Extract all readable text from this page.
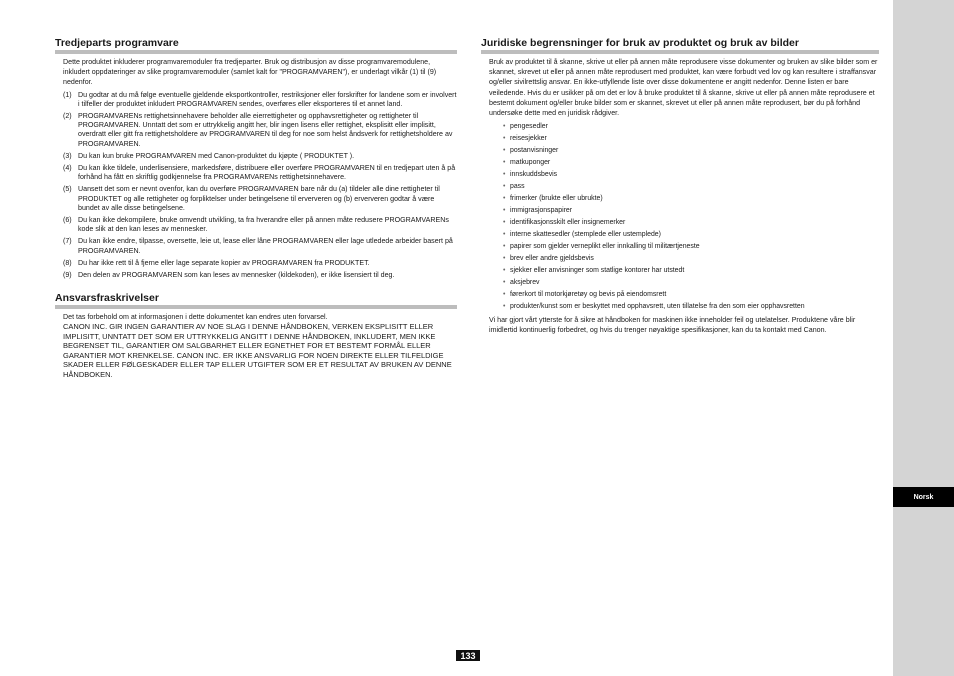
Norsk
Tredjeparts programvare
Dette produktet inkluderer programvaremoduler fra tredjeparter. Bruk og distribusjon av disse programvaremodulene, inkludert oppdateringer av slike programvaremoduler (samlet kalt for "PROGRAMVAREN"), er underlagt vilkår (1) til (9) nedenfor.
(1) Du godtar at du må følge eventuelle gjeldende eksportkontroller, restriksjoner eller forskrifter for landene som er involvert i tilfeller der produktet inkludert PROGRAMVAREN sendes, overføres eller eksporteres til et annet land.
(2) PROGRAMVARENs rettighetsinnehavere beholder alle eierrettigheter og opphavsrettigheter og rettigheter til PROGRAMVAREN. Unntatt det som er uttrykkelig angitt her, blir ingen lisens eller rettighet, eksplisitt eller implisitt, overdratt eller gitt fra rettighetsholdere av PROGRAMVAREN til deg for noe som helst åndsverk for rettighetsholdere av PROGRAMVAREN.
(3) Du kan kun bruke PROGRAMVAREN med Canon-produktet du kjøpte ( PRODUKTET ).
(4) Du kan ikke tildele, underlisensiere, markedsføre, distribuere eller overføre PROGRAMVAREN til en tredjepart uten å på forhånd ha fått en skriftlig godkjennelse fra PROGRAMVARENs rettighetsinnehavere.
(5) Uansett det som er nevnt ovenfor, kan du overføre PROGRAMVAREN bare når du (a) tildeler alle dine rettigheter til PRODUKTET og alle rettigheter og forpliktelser under betingelsene til erververen og (b) erververen godtar å være bundet av alle disse betingelsene.
(6) Du kan ikke dekompilere, bruke omvendt utvikling, ta fra hverandre eller på annen måte redusere PROGRAMVARENs kode slik at den kan leses av mennesker.
(7) Du kan ikke endre, tilpasse, oversette, leie ut, lease eller låne PROGRAMVAREN eller lage utledede arbeider basert på PROGRAMVAREN.
(8) Du har ikke rett til å fjerne eller lage separate kopier av PROGRAMVAREN fra PRODUKTET.
(9) Den delen av PROGRAMVAREN som kan leses av mennesker (kildekoden), er ikke lisensiert til deg.
Ansvarsfraskrivelser
Det tas forbehold om at informasjonen i dette dokumentet kan endres uten forvarsel.
CANON INC. GIR INGEN GARANTIER AV NOE SLAG I DENNE HÅNDBOKEN, VERKEN EKSPLISITT ELLER IMPLISITT, UNNTATT DET SOM ER UTTRYKKELIG ANGITT I DENNE HÅNDBOKEN, INKLUDERT, MEN IKKE BEGRENSET TIL, GARANTIER OM SALGBARHET ELLER EGNETHET FOR ET BESTEMT FORMÅL ELLER GARANTIER MOT KRENKELSE. CANON INC. ER IKKE ANSVARLIG FOR NOEN DIREKTE ELLER TILFELDIGE SKADER ELLER FØLGESKADER ELLER TAP ELLER UTGIFTER SOM ER ET RESULTAT AV BRUKEN AV DENNE HÅNDBOKEN.
Juridiske begrensninger for bruk av produktet og bruk av bilder
Bruk av produktet til å skanne, skrive ut eller på annen måte reprodusere visse dokumenter og bruken av slike bilder som er skannet, skrevet ut eller på annen måte reprodusert med produktet, kan være forbudt ved lov og kan resultere i straffansvar og/eller sivilrettslig ansvar. En ikke-utfyllende liste over disse dokumentene er angitt nedenfor. Denne listen er bare veiledende. Hvis du er usikker på om det er lov å bruke produktet til å skanne, skrive ut eller på annen måte reprodusere et bestemt dokument og/eller bruke bilder som er skannet, skrevet ut eller på annen måte reprodusert, bør du på forhånd undersøke dette med en juridisk rådgiver.
• pengesedler
• reisesjekker
• postanvisninger
• matkuponger
• innskuddsbevis
• pass
• frimerker (brukte eller ubrukte)
• immigrasjonspapirer
• identifikasjonsskilt eller insignemerker
• interne skattesedler (stemplede eller ustemplede)
• papirer som gjelder verneplikt eller innkalling til militærtjeneste
• brev eller andre gjeldsbevis
• sjekker eller anvisninger som statlige kontorer har utstedt
• aksjebrev
• førerkort til motorkjøretøy og bevis på eiendomsrett
• produkter/kunst som er beskyttet med opphavsrett, uten tillatelse fra den som eier opphavsretten
Vi har gjort vårt ytterste for å sikre at håndboken for maskinen ikke inneholder feil og utelatelser. Produktene våre blir imidlertid kontinuerlig forbedret, og hvis du trenger nøyaktige spesifikasjoner, kan du ta kontakt med Canon.
133
